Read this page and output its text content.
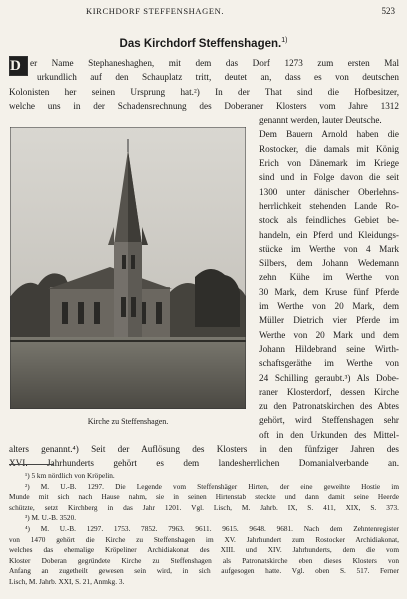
KIRCHDORF STEFFENSHAGEN.	523
Das Kirchdorf Steffenshagen.$^{1)}$
D er Name Stephaneshaghen, mit dem das Dorf 1273 zum ersten Mal
urkundlich auf den Schauplatz tritt, deutet an, dass es von deutschen
Kolonisten her seinen Ursprung hat.²) In der That sind die Hofbesitzer,
welche uns in der Schadensrechnung des Doberaner Klosters vom Jahre 1312
genannt werden, lauter Deutsche.
Dem Bauern Arnold haben die
Rostocker, die damals mit König
Erich von Dänemark im Kriege
sind und in Folge davon die seit
1300 unter dänischer Oberlehns-
herrlichkeit stehenden Lande Ro-
stock als feindliches Gebiet be-
handeln, ein Pferd und Kleidungs-
stücke im Werthe von 4 Mark
Silbers, dem Johann Wedemann
zehn Kühe im Werthe von
30 Mark, dem Kruse fünf Pferde
im Werthe von 20 Mark, dem
Müller Dietrich vier Pferde im
Werthe von 20 Mark und dem
Johann Hildebrand seine Wirth-
schaftsgeräthe im Werthe von
24 Schilling geraubt.³) Als Dobe-
raner Klosterdorf, dessen Kirche
zu den Patronatskirchen des Abtes
gehört, wird Steffenshagen sehr
oft in den Urkunden des Mittel-
alters genannt.⁴) Seit der Auflösung des Klosters in den fünfziger Jahren des
XVI. Jahrhunderts gehört es dem landesherrlichen Domanialverbande an.
Kirche zu Steffenshagen.
¹) 5 km nördlich von Kröpelin.
²) M. U.-B. 1297. Die Legende vom Steffenshäger Hirten, der eine geweihte Hostie im
Munde mit sich nach Hause nahm, sie in seinen Hirtenstab steckte und dann damit seine Heerde
schützte, setzt Kirchberg in das Jahr 1201. Vgl. Lisch, M. Jahrb. IX, S. 411, XIX, S. 373.
³) M. U.-B. 3520.
⁴) M. U.-B. 1297. 1753. 7852. 7963. 9611. 9615. 9648. 9681. Nach dem Zehntenregister
von 1470 gehört die Kirche zu Steffenshagen im XV. Jahrhundert zum Rostocker Archidiakonat,
welches das ehemalige Kröpeliner Archidiakonat des XIII. und XIV. Jahrhunderts, dem die vom
Kloster Doberan gegründete Kirche zu Steffenshagen als Patronatskirche eben dieses Klosters von
Anfang an zugetheilt gewesen sein wird, in sich aufgesogen hatte. Vgl. oben S. 517. Ferner
Lisch, M. Jahrb. XXI, S. 21, Anmkg. 3.
